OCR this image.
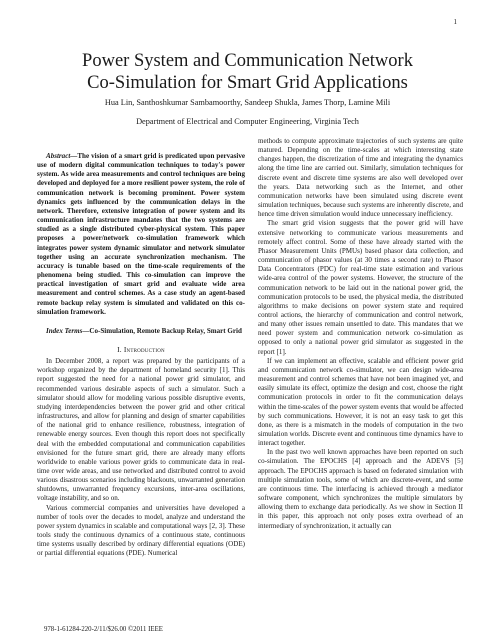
1
Power System and Communication Network
Co-Simulation for Smart Grid Applications
Hua Lin, Santhoshkumar Sambamoorthy, Sandeep Shukla, James Thorp, Lamine Mili
Department of Electrical and Computer Engineering, Virginia Tech

Abstract—The vision of a smart grid is predicated upon pervasive use of modern digital communication techniques to today's power system. As wide area measurements and control techniques are being developed and deployed for a more resilient power system, the role of communication network is becoming prominent. Power system dynamics gets influenced by the communication delays in the network. Therefore, extensive integration of power system and its communication infrastructure mandates that the two systems are studied as a single distributed cyber-physical system. This paper proposes a power/network co-simulation framework which integrates power system dynamic simulator and network simulator together using an accurate synchronization mechanism. The accuracy is tunable based on the time-scale requirements of the phenomena being studied. This co-simulation can improve the practical investigation of smart grid and evaluate wide area measurement and control schemes. As a case study an agent-based remote backup relay system is simulated and validated on this co-simulation framework.

Index Terms—Co-Simulation, Remote Backup Relay, Smart Grid

I. Introduction

In December 2008, a report was prepared by the participants of a workshop organized by the department of homeland security [1]. This report suggested the need for a national power grid simulator, and recommended various desirable aspects of such a simulator. Such a simulator should allow for modeling various possible disruptive events, studying interdependencies between the power grid and other critical infrastructures, and allow for planning and design of smarter capabilities of the national grid to enhance resilience, robustness, integration of renewable energy sources. Even though this report does not specifically deal with the embedded computational and communication capabilities envisioned for the future smart grid, there are already many efforts worldwide to enable various power grids to communicate data in real-time over wide areas, and use networked and distributed control to avoid various disastrous scenarios including blackouts, unwarranted generation shutdowns, unwarranted frequency excursions, inter-area oscillations, voltage instability, and so on.

Various commercial companies and universities have developed a number of tools over the decades to model, analyze and understand the power system dynamics in scalable and computational ways [2, 3]. These tools study the continuous dynamics of a continuous state, continuous time systems usually described by ordinary differential equations (ODE) or partial differential equations (PDE). Numerical

methods to compute approximate trajectories of such systems are quite matured. Depending on the time-scales at which interesting state changes happen, the discretization of time and integrating the dynamics along the time line are carried out. Similarly, simulation techniques for discrete event and discrete time systems are also well developed over the years. Data networking such as the Internet, and other communication networks have been simulated using discrete event simulation techniques, because such systems are inherently discrete, and hence time driven simulation would induce unnecessary inefficiency.

The smart grid vision suggests that the power grid will have extensive networking to communicate various measurements and remotely affect control. Some of these have already started with the Phasor Measurement Units (PMUs) based phasor data collection, and communication of phasor values (at 30 times a second rate) to Phasor Data Concentrators (PDC) for real-time state estimation and various wide-area control of the power systems. However, the structure of the communication network to be laid out in the national power grid, the communication protocols to be used, the physical media, the distributed algorithms to make decisions on power system state and required control actions, the hierarchy of communication and control network, and many other issues remain unsettled to date. This mandates that we need power system and communication network co-simulation as opposed to only a national power grid simulator as suggested in the report [1].

If we can implement an effective, scalable and efficient power grid and communication network co-simulator, we can design wide-area measurement and control schemes that have not been imagined yet, and easily simulate its effect, optimize the design and cost, choose the right communication protocols in order to fit the communication delays within the time-scales of the power system events that would be affected by such communications. However, it is not an easy task to get this done, as there is a mismatch in the models of computation in the two simulation worlds. Discrete event and continuous time dynamics have to interact together.

In the past two well known approaches have been reported on such co-simulation. The EPOCHS [4] approach and the ADEVS [5] approach. The EPOCHS approach is based on federated simulation with multiple simulation tools, some of which are discrete-event, and some are continuous time. The interfacing is achieved through a mediator software component, which synchronizes the multiple simulators by allowing them to exchange data periodically. As we show in Section II in this paper, this approach not only poses extra overhead of an intermediary of synchronization, it actually can

978-1-61284-220-2/11/$26.00 ©2011 IEEE
